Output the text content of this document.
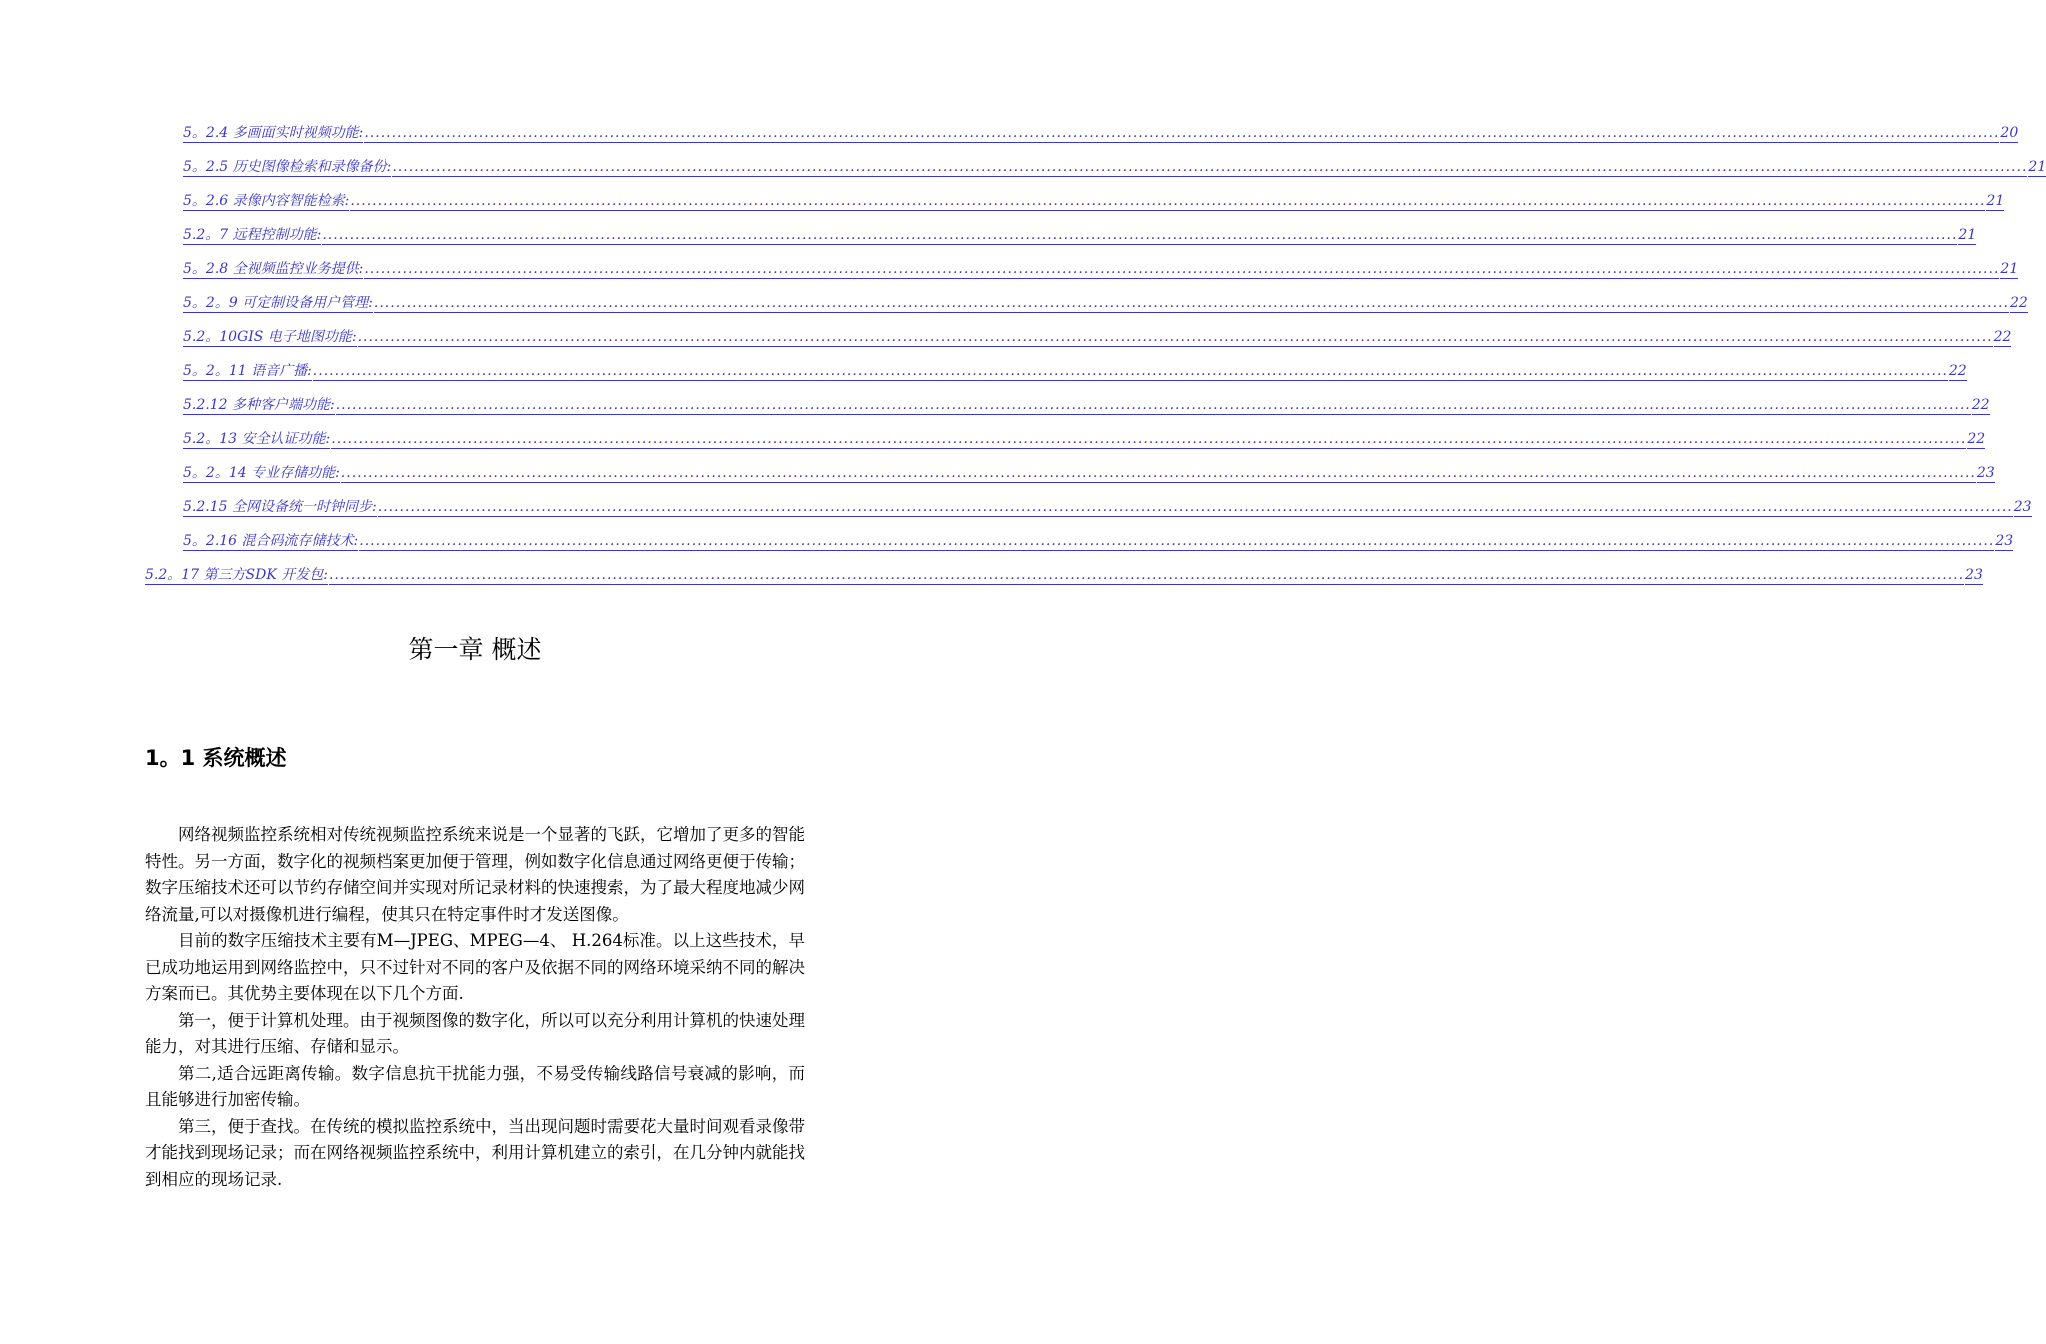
5。2.4 多画面实时视频功能: ............................................................................................................................................................................................................................................................................................................ 20
5。2.5 历史图像检索和录像备份: ............................................................................................................................................................................................................................................................................................................ 21
5。2.6 录像内容智能检索: ............................................................................................................................................................................................................................................................................................................ 21
5.2。7 远程控制功能: ............................................................................................................................................................................................................................................................................................................ 21
5。2.8 全视频监控业务提供: ............................................................................................................................................................................................................................................................................................................ 21
5。2。9 可定制设备用户管理: ............................................................................................................................................................................................................................................................................................................ 22
5.2。10GIS 电子地图功能: ............................................................................................................................................................................................................................................................................................................ 22
5。2。11 语音广播: ............................................................................................................................................................................................................................................................................................................ 22
5.2.12 多种客户端功能: ............................................................................................................................................................................................................................................................................................................ 22
5.2。13 安全认证功能: ............................................................................................................................................................................................................................................................................................................ 22
5。2。14 专业存储功能: ............................................................................................................................................................................................................................................................................................................ 23
5.2.15 全网设备统一时钟同步: ............................................................................................................................................................................................................................................................................................................ 23
5。2.16 混合码流存储技术: ............................................................................................................................................................................................................................................................................................................ 23
5.2。17 第三方SDK 开发包: ............................................................................................................................................................................................................................................................................................................ 23
第一章 概述
1。1 系统概述

网络视频监控系统相对传统视频监控系统来说是一个显著的飞跃，它增加了更多的智能特性。另一方面，数字化的视频档案更加便于管理，例如数字化信息通过网络更便于传输；数字压缩技术还可以节约存储空间并实现对所记录材料的快速搜索，为了最大程度地减少网络流量,可以对摄像机进行编程，使其只在特定事件时才发送图像。

目前的数字压缩技术主要有M—JPEG、MPEG—4、 H.264标准。以上这些技术，早已成功地运用到网络监控中，只不过针对不同的客户及依据不同的网络环境采纳不同的解决方案而已。其优势主要体现在以下几个方面.

第一，便于计算机处理。由于视频图像的数字化，所以可以充分利用计算机的快速处理能力，对其进行压缩、存储和显示。

第二,适合远距离传输。数字信息抗干扰能力强，不易受传输线路信号衰减的影响，而且能够进行加密传输。

第三，便于查找。在传统的模拟监控系统中，当出现问题时需要花大量时间观看录像带才能找到现场记录；而在网络视频监控系统中，利用计算机建立的索引，在几分钟内就能找到相应的现场记录.
